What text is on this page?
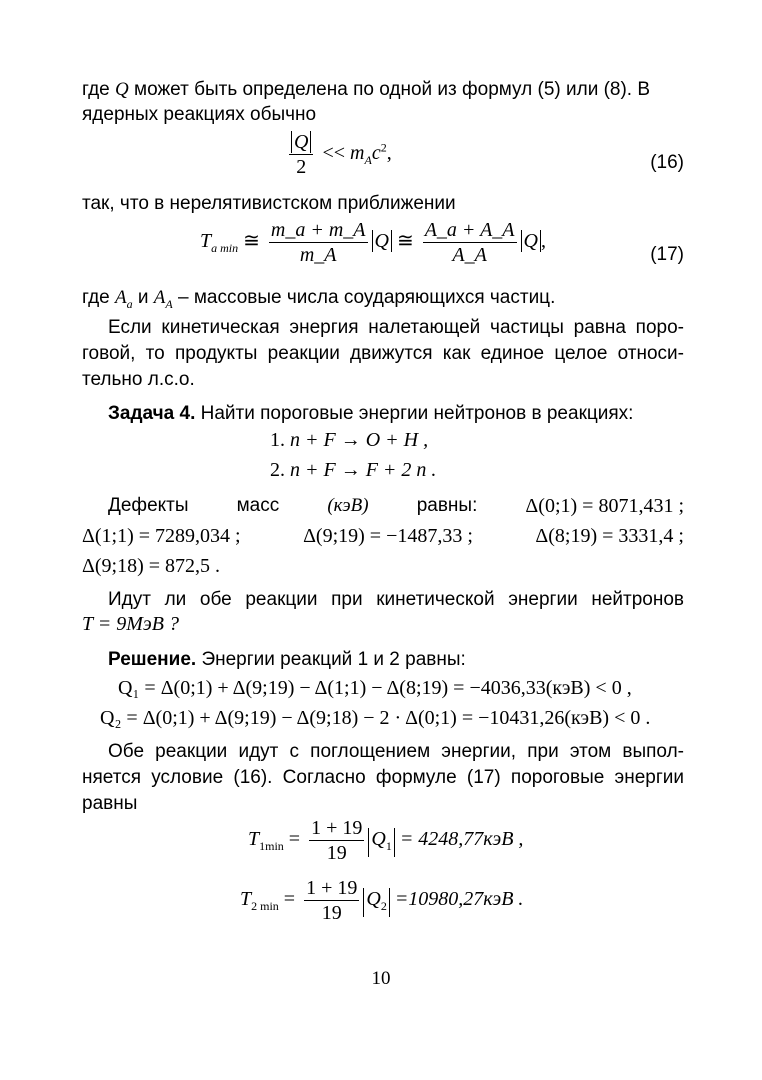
где Q может быть определена по одной из формул (5) или (8). В
ядерных реакциях обычно
$\frac{Q}{2} << m_Ac^2$,	(16)
так, что в нерелятивистском приближении
$T_{a min}$ ≅ $\frac{m\_a + m\_A}{m\_A}$ Q ≅ $\frac{A\_a + A\_A}{A\_A}$ Q ,
(17)
где $A_a$ и $A_A$ – массовые числа соударяющихся частиц.
Если кинетическая энергия налетающей частицы равна поро-
говой, то продукты реакции движутся как единое целое относи-
тельно л.с.о.
Задача 4. Найти пороговые энергии нейтронов в реакциях:
1. n + F → O + H ,
2. n + F → F + 2 n .
Дефекты	масс	(кэВ)	равны: Δ(0;1) = 8071,431 ;
Δ(1;1) = 7289,034 ;	Δ(9;19) = −1487,33 ;	Δ(8;19) = 3331,4 ;
Δ(9;18) = 872,5 .
Идут ли обе реакции при кинетической энергии нейтронов
T = 9МэВ ?
Решение. Энергии реакций 1 и 2 равны:
Q₁ = Δ(0;1) + Δ(9;19) − Δ(1;1) − Δ(8;19) = −4036,33(кэВ) < 0 ,
Q₂ = Δ(0;1) + Δ(9;19) − Δ(9;18) − 2 · Δ(0;1) = −10431,26(кэВ) < 0 .
Обе реакции идут с поглощением энергии, при этом выпол-
няется условие (16). Согласно формуле (17) пороговые энергии
равны
$T_{1min} = \frac{1 + 19}{19} Q_1 = 4248,77кэВ$ ,
$T_{2 min} = \frac{1 + 19}{19} Q_2 =10980,27кэВ$ .
10
